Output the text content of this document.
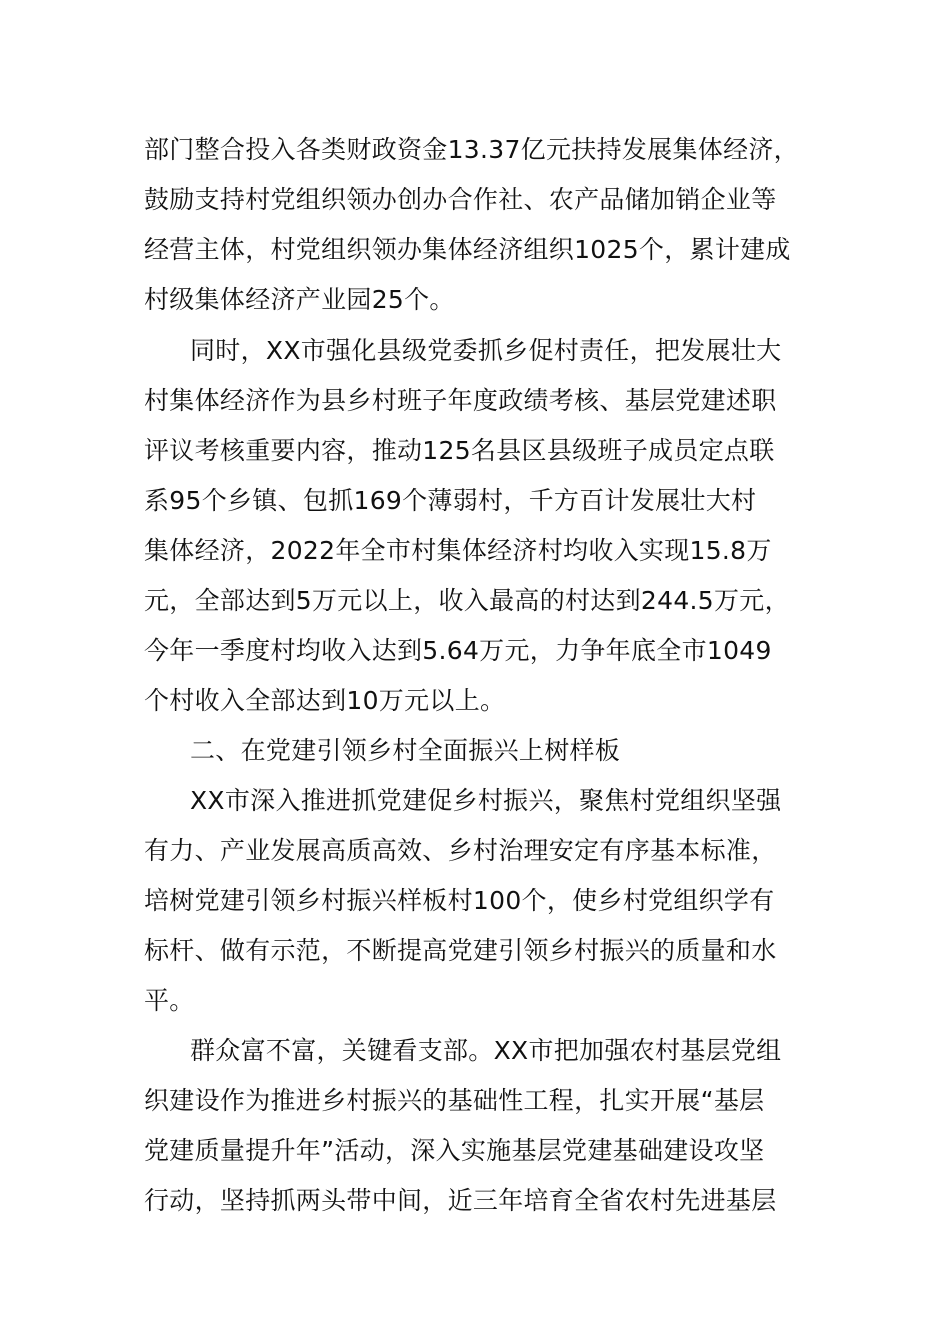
部门整合投入各类财政资金13.37亿元扶持发展集体经济，
鼓励支持村党组织领办创办合作社、农产品储加销企业等
经营主体，村党组织领办集体经济组织1025个，累计建成
村级集体经济产业园25个。
同时，XX市强化县级党委抓乡促村责任，把发展壮大
村集体经济作为县乡村班子年度政绩考核、基层党建述职
评议考核重要内容，推动125名县区县级班子成员定点联
系95个乡镇、包抓169个薄弱村，千方百计发展壮大村
集体经济，2022年全市村集体经济村均收入实现15.8万
元，全部达到5万元以上，收入最高的村达到244.5万元，
今年一季度村均收入达到5.64万元，力争年底全市1049
个村收入全部达到10万元以上。
二、在党建引领乡村全面振兴上树样板
XX市深入推进抓党建促乡村振兴，聚焦村党组织坚强
有力、产业发展高质高效、乡村治理安定有序基本标准，
培树党建引领乡村振兴样板村100个，使乡村党组织学有
标杆、做有示范，不断提高党建引领乡村振兴的质量和水
平。
群众富不富，关键看支部。XX市把加强农村基层党组
织建设作为推进乡村振兴的基础性工程，扎实开展“基层
党建质量提升年”活动，深入实施基层党建基础建设攻坚
行动，坚持抓两头带中间，近三年培育全省农村先进基层
